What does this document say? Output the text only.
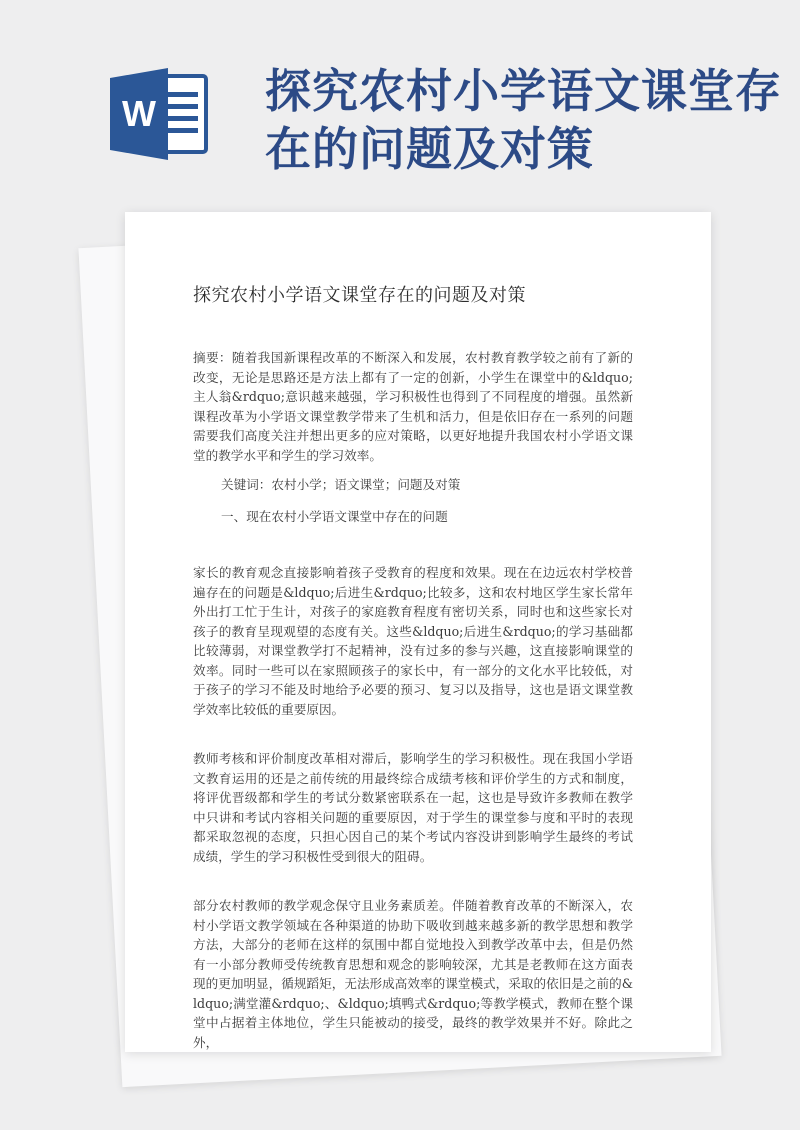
W 探究农村小学语文课堂存在的问题及对策
探究农村小学语文课堂存在的问题及对策

摘要：随着我国新课程改革的不断深入和发展，农村教育教学较之前有了新的改变，无论是思路还是方法上都有了一定的创新，小学生在课堂中的&ldquo;主人翁&rdquo;意识越来越强，学习积极性也得到了不同程度的增强。虽然新课程改革为小学语文课堂教学带来了生机和活力，但是依旧存在一系列的问题需要我们高度关注并想出更多的应对策略，以更好地提升我国农村小学语文课堂的教学水平和学生的学习效率。

关键词：农村小学；语文课堂；问题及对策

一、现在农村小学语文课堂中存在的问题

家长的教育观念直接影响着孩子受教育的程度和效果。现在在边远农村学校普遍存在的问题是&ldquo;后进生&rdquo;比较多，这和农村地区学生家长常年外出打工忙于生计，对孩子的家庭教育程度有密切关系，同时也和这些家长对孩子的教育呈现观望的态度有关。这些&ldquo;后进生&rdquo;的学习基础都比较薄弱，对课堂教学打不起精神，没有过多的参与兴趣，这直接影响课堂的效率。同时一些可以在家照顾孩子的家长中，有一部分的文化水平比较低，对于孩子的学习不能及时地给予必要的预习、复习以及指导，这也是语文课堂教学效率比较低的重要原因。

教师考核和评价制度改革相对滞后，影响学生的学习积极性。现在我国小学语文教育运用的还是之前传统的用最终综合成绩考核和评价学生的方式和制度，将评优晋级都和学生的考试分数紧密联系在一起，这也是导致许多教师在教学中只讲和考试内容相关问题的重要原因，对于学生的课堂参与度和平时的表现都采取忽视的态度，只担心因自己的某个考试内容没讲到影响学生最终的考试成绩，学生的学习积极性受到很大的阻碍。

部分农村教师的教学观念保守且业务素质差。伴随着教育改革的不断深入，农村小学语文教学领域在各种渠道的协助下吸收到越来越多新的教学思想和教学方法，大部分的老师在这样的氛围中都自觉地投入到教学改革中去，但是仍然有一小部分教师受传统教育思想和观念的影响较深，尤其是老教师在这方面表现的更加明显，循规蹈矩，无法形成高效率的课堂模式，采取的依旧是之前的&ldquo;满堂灌&rdquo;、&ldquo;填鸭式&rdquo;等教学模式，教师在整个课堂中占据着主体地位，学生只能被动的接受，最终的教学效果并不好。除此之外，
